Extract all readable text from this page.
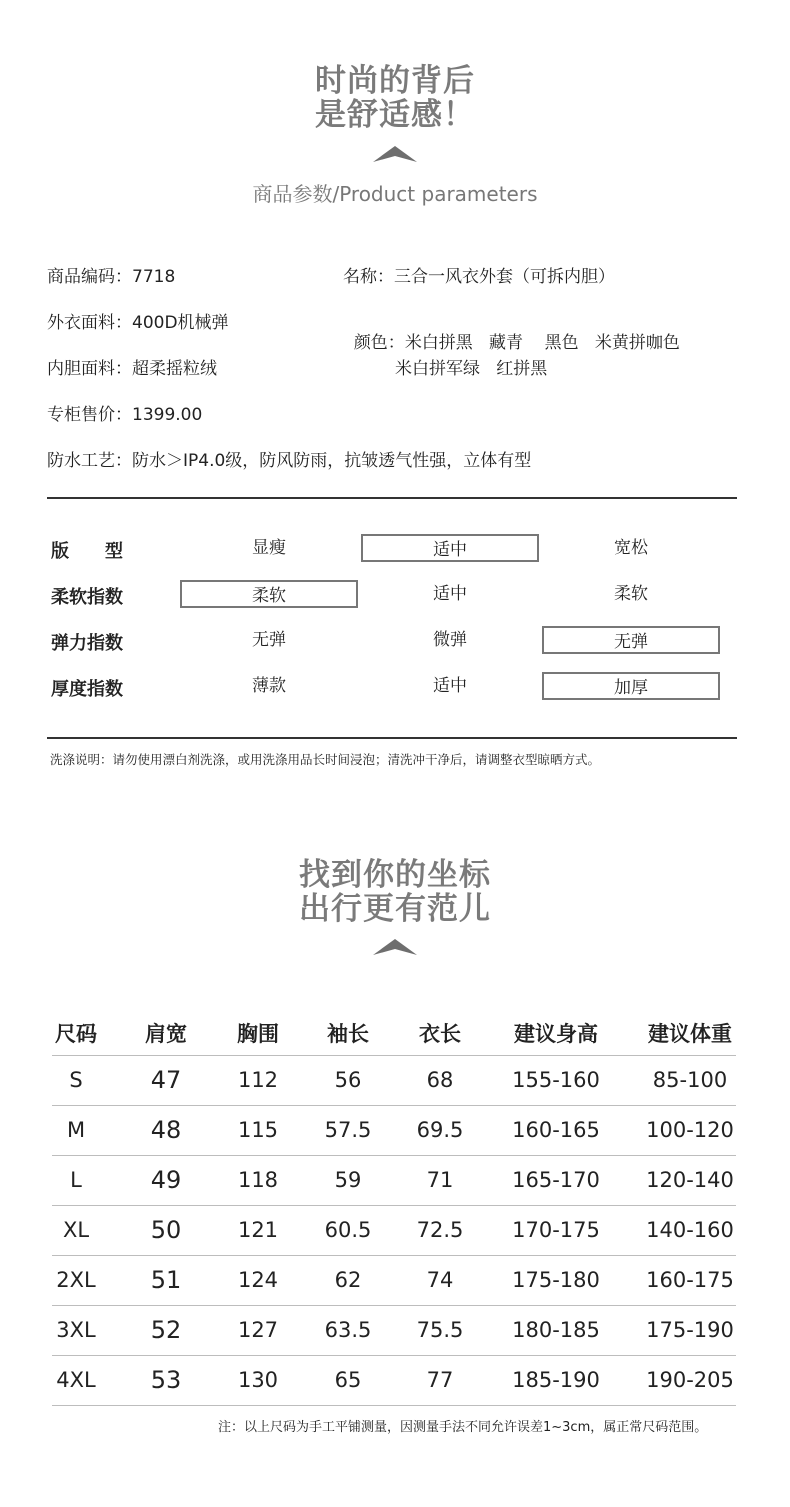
时尚的背后
是舒适感！
商品参数/Product parameters
商品编码：7718	名称：三合一风衣外套（可拆内胆）
外衣面料：400D机械弹

颜色：米白拼黑   藏青    黑色   米黄拼咖色

内胆面料：超柔摇粒绒	米白拼军绿   红拼黑
专柜售价：1399.00
防水工艺：防水＞IP4.0级，防风防雨，抗皱透气性强，立体有型
版　　型	显瘦	适中	宽松
柔软指数	柔软	适中	柔软
弹力指数	无弹	微弹	无弹
厚度指数	薄款	适中	加厚
洗涤说明：请勿使用漂白剂洗涤，或用洗涤用品长时间浸泡；清洗冲干净后，请调整衣型晾晒方式。
找到你的坐标
出行更有范儿
尺码	肩宽	胸围	袖长	衣长	建议身高	建议体重
S	47	112	56	68	155-160	85-100
M	48	115	57.5	69.5	160-165	100-120
L	49	118	59	71	165-170	120-140
XL	50	121	60.5	72.5	170-175	140-160
2XL	51	124	62	74	175-180	160-175
3XL	52	127	63.5	75.5	180-185	175-190
4XL	53	130	65	77	185-190	190-205
注：以上尺码为手工平铺测量，因测量手法不同允许误差1~3cm，属正常尺码范围。
